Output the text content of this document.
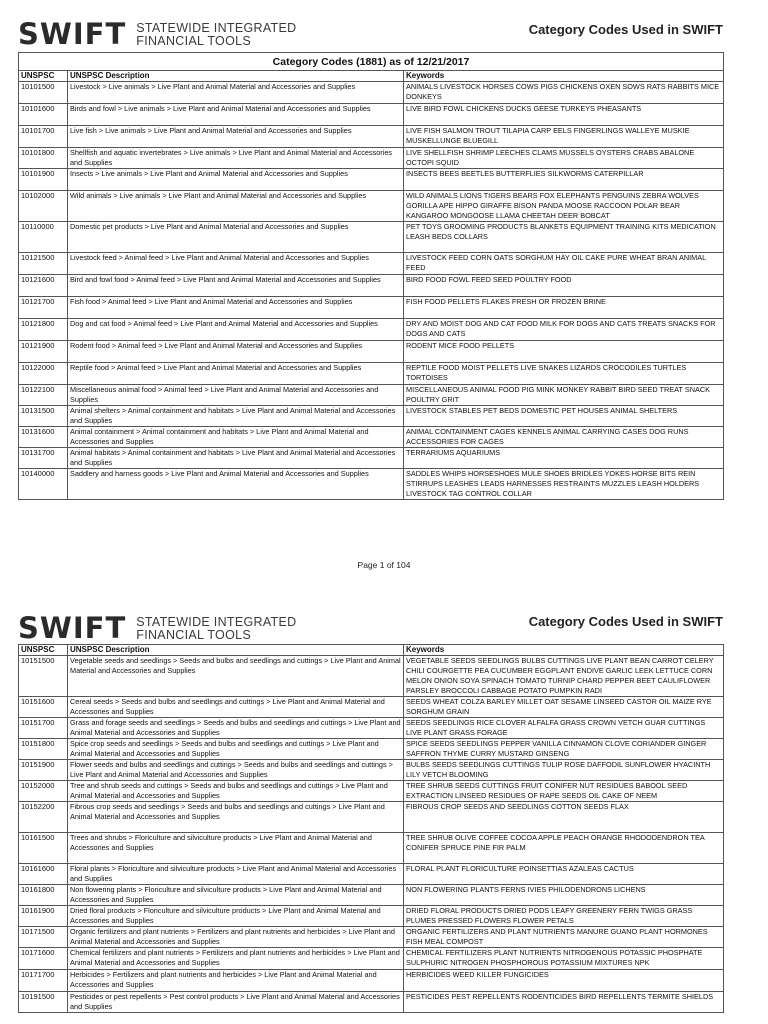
SWIFT STATEWIDE INTEGRATED
FINANCIAL TOOLS
Category Codes Used in SWIFT
Category Codes (1881) as of 12/21/2017		
UNSPSC	UNSPSC Description	Keywords
10101500	Livestock > Live animals > Live Plant and Animal Material and Accessories and Supplies	ANIMALS LIVESTOCK HORSES COWS PIGS CHICKENS OXEN SOWS RATS RABBITS MICE DONKEYS
10101600	Birds and fowl > Live animals > Live Plant and Animal Material and Accessories and Supplies	LIVE BIRD FOWL CHICKENS DUCKS GEESE TURKEYS PHEASANTS
10101700	Live fish > Live animals > Live Plant and Animal Material and Accessories and Supplies	LIVE FISH SALMON TROUT TILAPIA CARP EELS FINGERLINGS WALLEYE MUSKIE MUSKELLUNGE BLUEGILL
10101800	Shellfish and aquatic invertebrates > Live animals > Live Plant and Animal Material and Accessories and Supplies	LIVE SHELLFISH SHRIMP LEECHES CLAMS MUSSELS OYSTERS CRABS ABALONE OCTOPI SQUID
10101900	Insects > Live animals > Live Plant and Animal Material and Accessories and Supplies	INSECTS BEES BEETLES BUTTERFLIES SILKWORMS CATERPILLAR
10102000	Wild animals > Live animals > Live Plant and Animal Material and Accessories and Supplies	WILD ANIMALS LIONS TIGERS BEARS FOX ELEPHANTS PENGUINS ZEBRA WOLVES GORILLA APE HIPPO GIRAFFE BISON PANDA MOOSE RACCOON POLAR BEAR KANGAROO MONGOOSE LLAMA CHEETAH DEER BOBCAT
10110000	Domestic pet products > Live Plant and Animal Material and Accessories and Supplies	PET TOYS GROOMING PRODUCTS BLANKETS EQUIPMENT TRAINING KITS MEDICATION LEASH BEDS COLLARS
10121500	Livestock feed > Animal feed > Live Plant and Animal Material and Accessories and Supplies	LIVESTOCK FEED CORN OATS SORGHUM HAY OIL CAKE PURE WHEAT BRAN ANIMAL FEED
10121600	Bird and fowl food > Animal feed > Live Plant and Animal Material and Accessories and Supplies	BIRD FOOD FOWL FEED SEED POULTRY FOOD
10121700	Fish food > Animal feed > Live Plant and Animal Material and Accessories and Supplies	FISH FOOD PELLETS FLAKES FRESH OR FROZEN BRINE
10121800	Dog and cat food > Animal feed > Live Plant and Animal Material and Accessories and Supplies	DRY AND MOIST DOG AND CAT FOOD MILK FOR DOGS AND CATS TREATS SNACKS FOR DOGS AND CATS
10121900	Rodent food > Animal feed > Live Plant and Animal Material and Accessories and Supplies	RODENT MICE FOOD PELLETS
10122000	Reptile food > Animal feed > Live Plant and Animal Material and Accessories and Supplies	REPTILE FOOD MOIST PELLETS LIVE SNAKES LIZARDS CROCODILES TURTLES TORTOISES
10122100	Miscellaneous animal food > Animal feed > Live Plant and Animal Material and Accessories and Supplies	MISCELLANEOUS ANIMAL FOOD PIG MINK MONKEY RABBIT BIRD SEED TREAT SNACK POULTRY GRIT
10131500	Animal shelters > Animal containment and habitats > Live Plant and Animal Material and Accessories and Supplies	LIVESTOCK STABLES PET BEDS DOMESTIC PET HOUSES ANIMAL SHELTERS
10131600	Animal containment > Animal containment and habitats > Live Plant and Animal Material and Accessories and Supplies	ANIMAL CONTAINMENT CAGES KENNELS ANIMAL CARRYING CASES DOG RUNS ACCESSORIES FOR CAGES
10131700	Animal habitats > Animal containment and habitats > Live Plant and Animal Material and Accessories and Supplies	TERRARIUMS AQUARIUMS
10140000	Saddlery and harness goods > Live Plant and Animal Material and Accessories and Supplies	SADDLES WHIPS HORSESHOES MULE SHOES BRIDLES YOKES HORSE BITS REIN STIRRUPS LEASHES LEADS HARNESSES RESTRAINTS MUZZLES LEASH HOLDERS LIVESTOCK TAG CONTROL COLLAR
Page 1 of 104
SWIFT STATEWIDE INTEGRATED
FINANCIAL TOOLS
Category Codes Used in SWIFT
UNSPSC	UNSPSC Description	Keywords
10151500	Vegetable seeds and seedlings > Seeds and bulbs and seedlings and cuttings > Live Plant and Animal Material and Accessories and Supplies	VEGETABLE SEEDS SEEDLINGS BULBS CUTTINGS LIVE PLANT BEAN CARROT CELERY CHILI COURGETTE PEA CUCUMBER EGGPLANT ENDIVE GARLIC LEEK LETTUCE CORN MELON ONION SOYA SPINACH TOMATO TURNIP CHARD PEPPER BEET CAULIFLOWER PARSLEY BROCCOLI CABBAGE POTATO PUMPKIN RADI
10151600	Cereal seeds > Seeds and bulbs and seedlings and cuttings > Live Plant and Animal Material and Accessories and Supplies	SEEDS WHEAT COLZA BARLEY MILLET OAT SESAME LINSEED CASTOR OIL MAIZE RYE SORGHUM GRAIN
10151700	Grass and forage seeds and seedlings > Seeds and bulbs and seedlings and cuttings > Live Plant and Animal Material and Accessories and Supplies	SEEDS SEEDLINGS RICE CLOVER ALFALFA GRASS CROWN VETCH GUAR CUTTINGS LIVE PLANT GRASS FORAGE
10151800	Spice crop seeds and seedlings > Seeds and bulbs and seedlings and cuttings > Live Plant and Animal Material and Accessories and Supplies	SPICE SEEDS SEEDLINGS PEPPER VANILLA CINNAMON CLOVE CORIANDER GINGER SAFFRON THYME CURRY MUSTARD GINSENG
10151900	Flower seeds and bulbs and seedlings and cuttings > Seeds and bulbs and seedlings and cuttings > Live Plant and Animal Material and Accessories and Supplies	BULBS SEEDS SEEDLINGS CUTTINGS TULIP ROSE DAFFODIL SUNFLOWER HYACINTH LILY VETCH BLOOMING
10152000	Tree and shrub seeds and cuttings > Seeds and bulbs and seedlings and cuttings > Live Plant and Animal Material and Accessories and Supplies	TREE SHRUB SEEDS CUTTINGS FRUIT CONIFER NUT RESIDUES BABOOL SEED EXTRACTION LINSEED RESIDUES OF RAPE SEEDS OIL CAKE OF NEEM
10152200	Fibrous crop seeds and seedlings > Seeds and bulbs and seedlings and cuttings > Live Plant and Animal Material and Accessories and Supplies	FIBROUS CROP SEEDS AND SEEDLINGS COTTON SEEDS FLAX
10161500	Trees and shrubs > Floriculture and silviculture products > Live Plant and Animal Material and Accessories and Supplies	TREE SHRUB OLIVE COFFEE COCOA APPLE PEACH ORANGE RHODODENDRON TEA CONIFER SPRUCE PINE FIR PALM
10161600	Floral plants > Floriculture and silviculture products > Live Plant and Animal Material and Accessories and Supplies	FLORAL PLANT FLORICULTURE POINSETTIAS AZALEAS CACTUS
10161800	Non flowering plants > Floriculture and silviculture products > Live Plant and Animal Material and Accessories and Supplies	NON FLOWERING PLANTS FERNS IVIES PHILODENDRONS LICHENS
10161900	Dried floral products > Floriculture and silviculture products > Live Plant and Animal Material and Accessories and Supplies	DRIED FLORAL PRODUCTS DRIED PODS LEAFY GREENERY FERN TWIGS GRASS PLUMES PRESSED FLOWERS FLOWER PETALS
10171500	Organic fertilizers and plant nutrients > Fertilizers and plant nutrients and herbicides > Live Plant and Animal Material and Accessories and Supplies	ORGANIC FERTILIZERS AND PLANT NUTRIENTS MANURE GUANO PLANT HORMONES FISH MEAL COMPOST
10171600	Chemical fertilizers and plant nutrients > Fertilizers and plant nutrients and herbicides > Live Plant and Animal Material and Accessories and Supplies	CHEMICAL FERTILIZERS PLANT NUTRIENTS NITROGENOUS POTASSIC PHOSPHATE SULPHURIC NITROGEN PHOSPHOROUS POTASSIUM MIXTURES NPK
10171700	Herbicides > Fertilizers and plant nutrients and herbicides > Live Plant and Animal Material and Accessories and Supplies	HERBICIDES WEED KILLER FUNGICIDES
10191500	Pesticides or pest repellents > Pest control products > Live Plant and Animal Material and Accessories and Supplies	PESTICIDES PEST REPELLENTS RODENTICIDES BIRD REPELLENTS TERMITE SHIELDS
